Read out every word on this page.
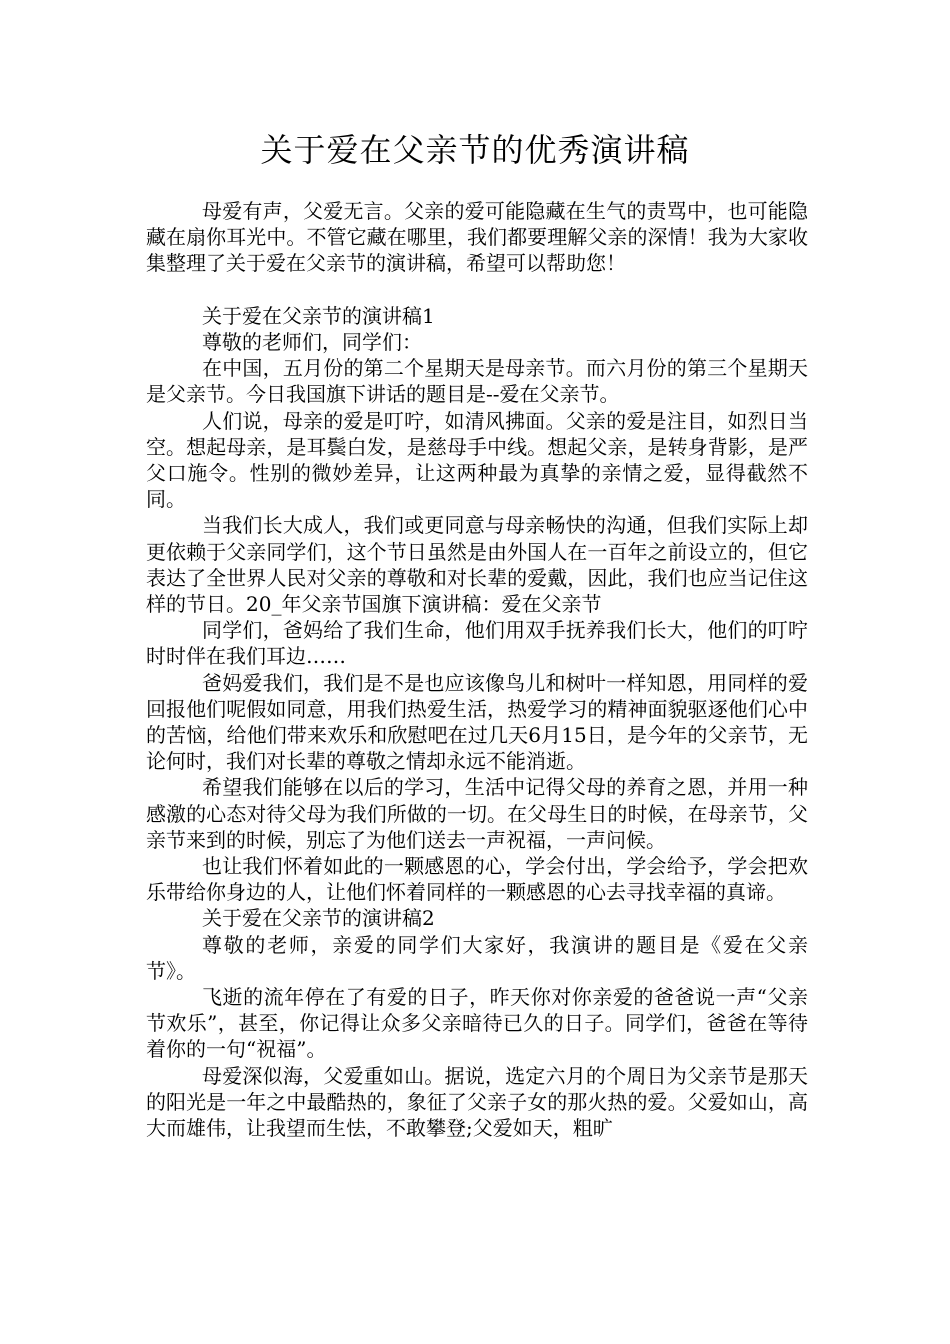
关于爱在父亲节的优秀演讲稿

母爱有声，父爱无言。父亲的爱可能隐藏在生气的责骂中，也可能隐藏在扇你耳光中。不管它藏在哪里，我们都要理解父亲的深情！我为大家收集整理了关于爱在父亲节的演讲稿，希望可以帮助您！

关于爱在父亲节的演讲稿1

尊敬的老师们，同学们：

在中国，五月份的第二个星期天是母亲节。而六月份的第三个星期天是父亲节。今日我国旗下讲话的题目是--爱在父亲节。

人们说，母亲的爱是叮咛，如清风拂面。父亲的爱是注目，如烈日当空。想起母亲，是耳鬓白发，是慈母手中线。想起父亲，是转身背影，是严父口施令。性别的微妙差异，让这两种最为真挚的亲情之爱，显得截然不同。

当我们长大成人，我们或更同意与母亲畅快的沟通，但我们实际上却更依赖于父亲同学们，这个节日虽然是由外国人在一百年之前设立的，但它表达了全世界人民对父亲的尊敬和对长辈的爱戴，因此，我们也应当记住这样的节日。20_年父亲节国旗下演讲稿：爱在父亲节

同学们，爸妈给了我们生命，他们用双手抚养我们长大，他们的叮咛时时伴在我们耳边……

爸妈爱我们，我们是不是也应该像鸟儿和树叶一样知恩，用同样的爱回报他们呢假如同意，用我们热爱生活，热爱学习的精神面貌驱逐他们心中的苦恼，给他们带来欢乐和欣慰吧在过几天6月15日，是今年的父亲节，无论何时，我们对长辈的尊敬之情却永远不能消逝。

希望我们能够在以后的学习，生活中记得父母的养育之恩，并用一种感激的心态对待父母为我们所做的一切。在父母生日的时候，在母亲节，父亲节来到的时候，别忘了为他们送去一声祝福，一声问候。

也让我们怀着如此的一颗感恩的心，学会付出，学会给予，学会把欢乐带给你身边的人，让他们怀着同样的一颗感恩的心去寻找幸福的真谛。

关于爱在父亲节的演讲稿2

尊敬的老师，亲爱的同学们大家好，我演讲的题目是《爱在父亲节》。

飞逝的流年停在了有爱的日子，昨天你对你亲爱的爸爸说一声“父亲节欢乐”，甚至，你记得让众多父亲暗待已久的日子。同学们，爸爸在等待着你的一句“祝福”。

母爱深似海，父爱重如山。据说，选定六月的个周日为父亲节是那天的阳光是一年之中最酷热的，象征了父亲子女的那火热的爱。父爱如山，高大而雄伟，让我望而生怯，不敢攀登;父爱如天，粗旷
